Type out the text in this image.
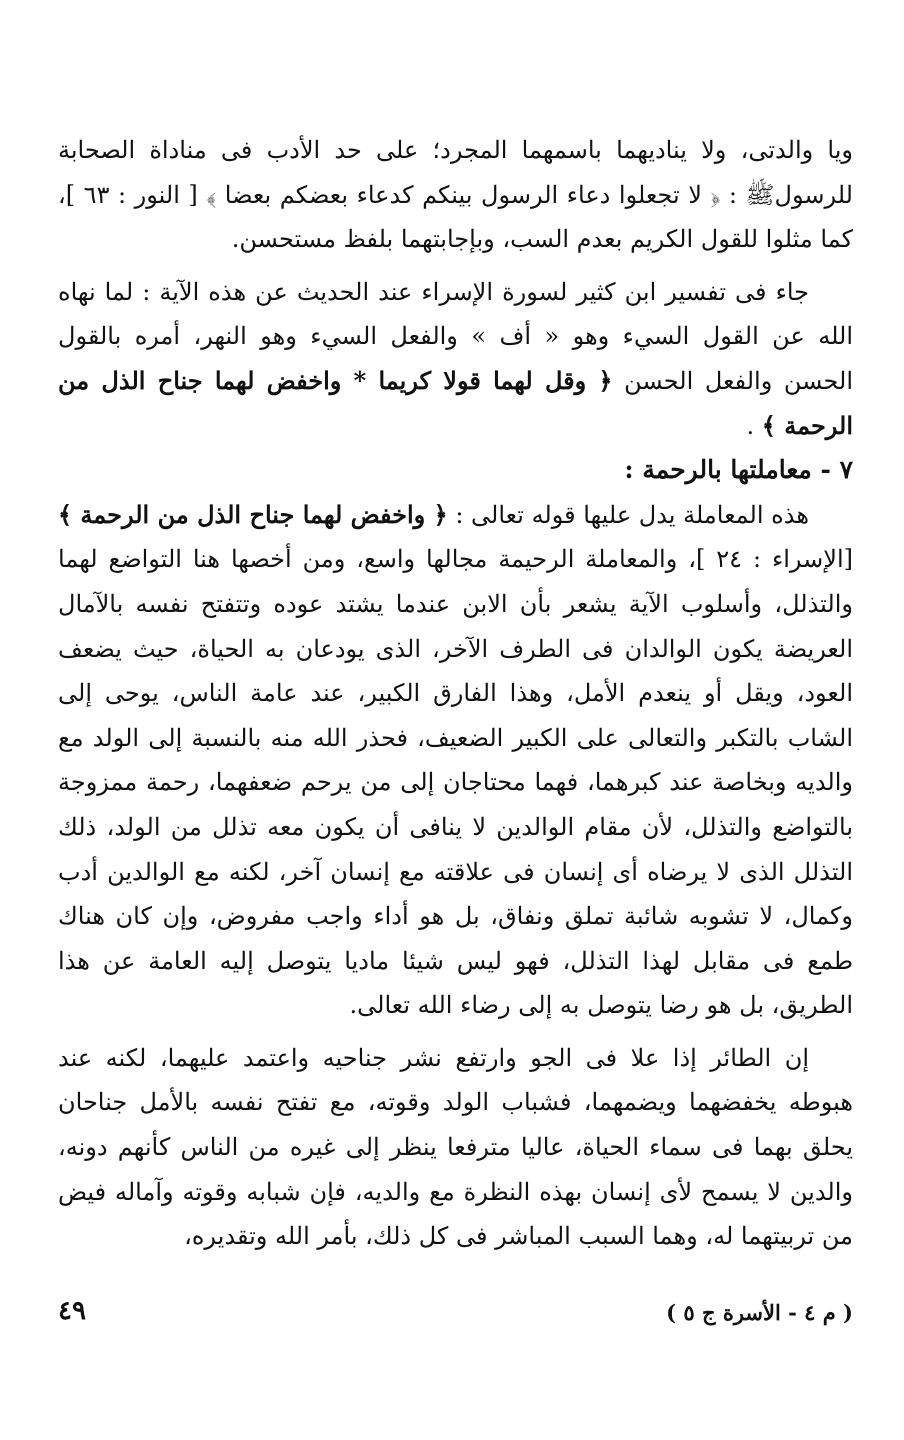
ويا والدتى، ولا يناديهما باسمهما المجرد؛ على حد الأدب فى مناداة الصحابة للرسولﷺ : ﴿ لا تجعلوا دعاء الرسول بينكم كدعاء بعضكم بعضا ﴾ [ النور : ٦٣ ]، كما مثلوا للقول الكريم بعدم السب، وبإجابتهما بلفظ مستحسن.

جاء فى تفسير ابن كثير لسورة الإسراء عند الحديث عن هذه الآية : لما نهاه الله عن القول السيء وهو « أف » والفعل السيء وهو النهر، أمره بالقول الحسن والفعل الحسن ﴿ وقل لهما قولا كريما * واخفض لهما جناح الذل من الرحمة ﴾ .

٧ - معاملتها بالرحمة :

هذه المعاملة يدل عليها قوله تعالى : ﴿ واخفض لهما جناح الذل من الرحمة ﴾ [الإسراء : ٢٤ ]، والمعاملة الرحيمة مجالها واسع، ومن أخصها هنا التواضع لهما والتذلل، وأسلوب الآية يشعر بأن الابن عندما يشتد عوده وتتفتح نفسه بالآمال العريضة يكون الوالدان فى الطرف الآخر، الذى يودعان به الحياة، حيث يضعف العود، ويقل أو ينعدم الأمل، وهذا الفارق الكبير، عند عامة الناس، يوحى إلى الشاب بالتكبر والتعالى على الكبير الضعيف، فحذر الله منه بالنسبة إلى الولد مع والديه وبخاصة عند كبرهما، فهما محتاجان إلى من يرحم ضعفهما، رحمة ممزوجة بالتواضع والتذلل، لأن مقام الوالدين لا ينافى أن يكون معه تذلل من الولد، ذلك التذلل الذى لا يرضاه أى إنسان فى علاقته مع إنسان آخر، لكنه مع الوالدين أدب وكمال، لا تشوبه شائبة تملق ونفاق، بل هو أداء واجب مفروض، وإن كان هناك طمع فى مقابل لهذا التذلل، فهو ليس شيئا ماديا يتوصل إليه العامة عن هذا الطريق، بل هو رضا يتوصل به إلى رضاء الله تعالى.

إن الطائر إذا علا فى الجو وارتفع نشر جناحيه واعتمد عليهما، لكنه عند هبوطه يخفضهما ويضمهما، فشباب الولد وقوته، مع تفتح نفسه بالأمل جناحان يحلق بهما فى سماء الحياة، عاليا مترفعا ينظر إلى غيره من الناس كأنهم دونه، والدين لا يسمح لأى إنسان بهذه النظرة مع والديه، فإن شبابه وقوته وآماله فيض من تربيتهما له، وهما السبب المباشر فى كل ذلك، بأمر الله وتقديره،

( م ٤ - الأسرة ج ٥ )
٤٩
